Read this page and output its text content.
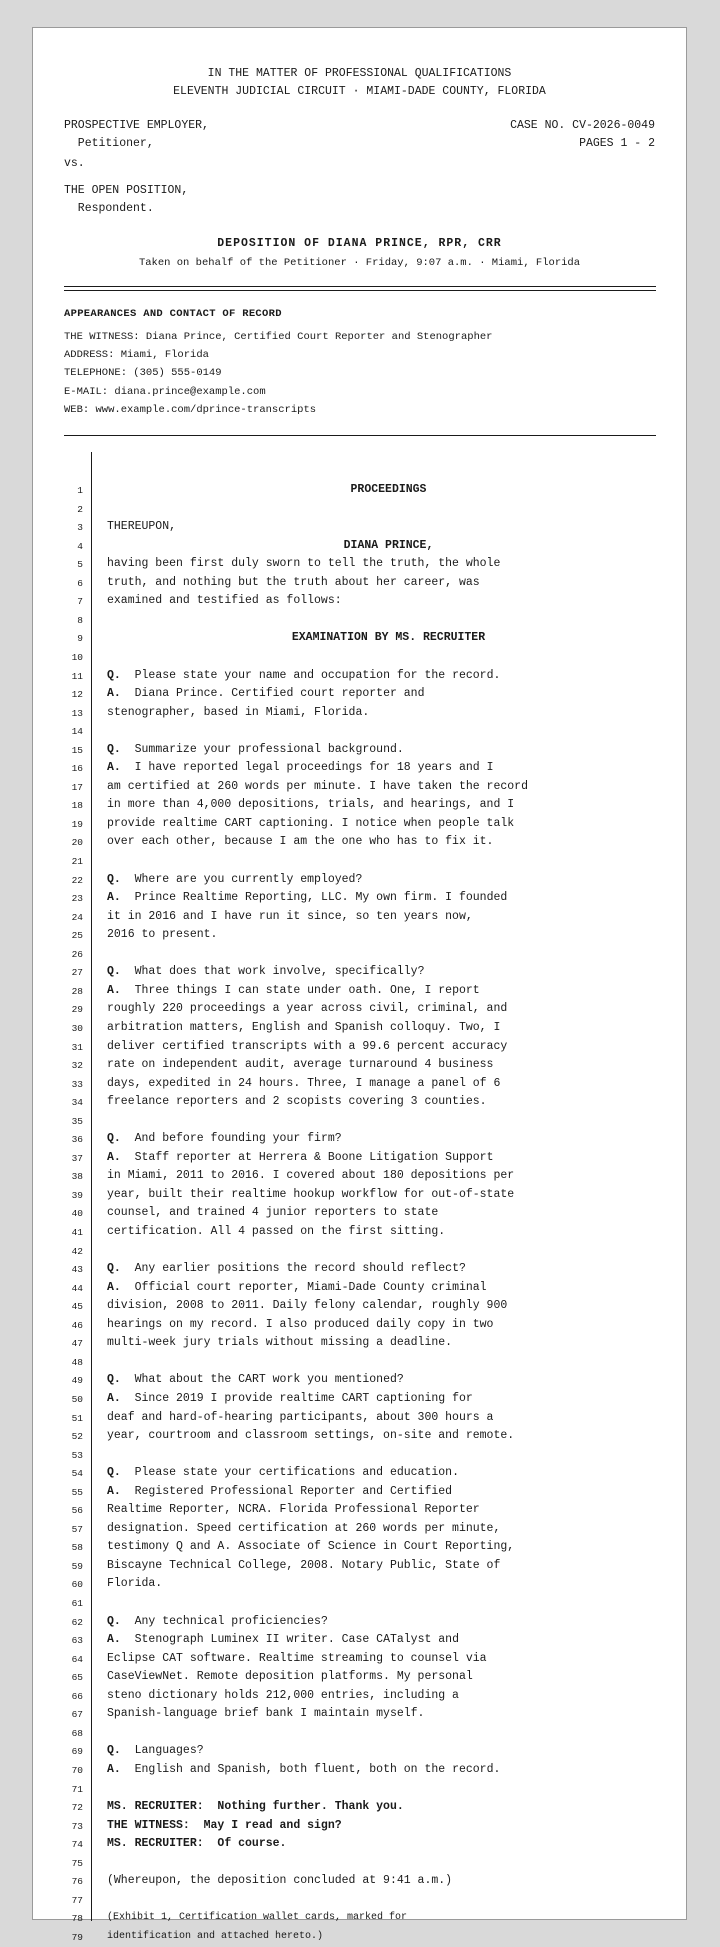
IN THE MATTER OF PROFESSIONAL QUALIFICATIONS
ELEVENTH JUDICIAL CIRCUIT · MIAMI-DADE COUNTY, FLORIDA
PROSPECTIVE EMPLOYER,
Petitioner,
CASE NO. CV-2026-0049
PAGES 1 - 2
vs.
THE OPEN POSITION,
Respondent.
DEPOSITION OF DIANA PRINCE, RPR, CRR
Taken on behalf of the Petitioner · Friday, 9:07 a.m. · Miami, Florida
APPEARANCES AND CONTACT OF RECORD
THE WITNESS: Diana Prince, Certified Court Reporter and Stenographer
ADDRESS: Miami, Florida
TELEPHONE: (305) 555-0149
E-MAIL: diana.prince@example.com
WEB: www.example.com/dprince-transcripts
1	PROCEEDINGS
2
3 THEREUPON,
4	DIANA PRINCE,
5 having been first duly sworn to tell the truth, the whole
6 truth, and nothing but the truth about her career, was
7 examined and testified as follows:
8
9	EXAMINATION BY MS. RECRUITER
10
11 Q. Please state your name and occupation for the record.
12 A. Diana Prince. Certified court reporter and
13 stenographer, based in Miami, Florida.
14
15 Q. Summarize your professional background.
16 A. I have reported legal proceedings for 18 years and I
17 am certified at 260 words per minute. I have taken the record
18 in more than 4,000 depositions, trials, and hearings, and I
19 provide realtime CART captioning. I notice when people talk
20 over each other, because I am the one who has to fix it.
21
22 Q. Where are you currently employed?
23 A. Prince Realtime Reporting, LLC. My own firm. I founded
24 it in 2016 and I have run it since, so ten years now,
25 2016 to present.
26
27 Q. What does that work involve, specifically?
28 A. Three things I can state under oath. One, I report
29 roughly 220 proceedings a year across civil, criminal, and
30 arbitration matters, English and Spanish colloquy. Two, I
31 deliver certified transcripts with a 99.6 percent accuracy
32 rate on independent audit, average turnaround 4 business
33 days, expedited in 24 hours. Three, I manage a panel of 6
34 freelance reporters and 2 scopists covering 3 counties.
35
36 Q. And before founding your firm?
37 A. Staff reporter at Herrera & Boone Litigation Support
38 in Miami, 2011 to 2016. I covered about 180 depositions per
39 year, built their realtime hookup workflow for out-of-state
40 counsel, and trained 4 junior reporters to state
41 certification. All 4 passed on the first sitting.
42
43 Q. Any earlier positions the record should reflect?
44 A. Official court reporter, Miami-Dade County criminal
45 division, 2008 to 2011. Daily felony calendar, roughly 900
46 hearings on my record. I also produced daily copy in two
47 multi-week jury trials without missing a deadline.
48
49 Q. What about the CART work you mentioned?
50 A. Since 2019 I provide realtime CART captioning for
51 deaf and hard-of-hearing participants, about 300 hours a
52 year, courtroom and classroom settings, on-site and remote.
53
54 Q. Please state your certifications and education.
55 A. Registered Professional Reporter and Certified
56 Realtime Reporter, NCRA. Florida Professional Reporter
57 designation. Speed certification at 260 words per minute,
58 testimony Q and A. Associate of Science in Court Reporting,
59 Biscayne Technical College, 2008. Notary Public, State of
60 Florida.
61
62 Q. Any technical proficiencies?
63 A. Stenograph Luminex II writer. Case CATalyst and
64 Eclipse CAT software. Realtime streaming to counsel via
65 CaseViewNet. Remote deposition platforms. My personal
66 steno dictionary holds 212,000 entries, including a
67 Spanish-language brief bank I maintain myself.
68
69 Q. Languages?
70 A. English and Spanish, both fluent, both on the record.
71
72 MS. RECRUITER:  Nothing further. Thank you.
73 THE WITNESS:  May I read and sign?
74 MS. RECRUITER:  Of course.
75
76 (Whereupon, the deposition concluded at 9:41 a.m.)
77
78 (Exhibit 1, Certification wallet cards, marked for
79 identification and attached hereto.)
